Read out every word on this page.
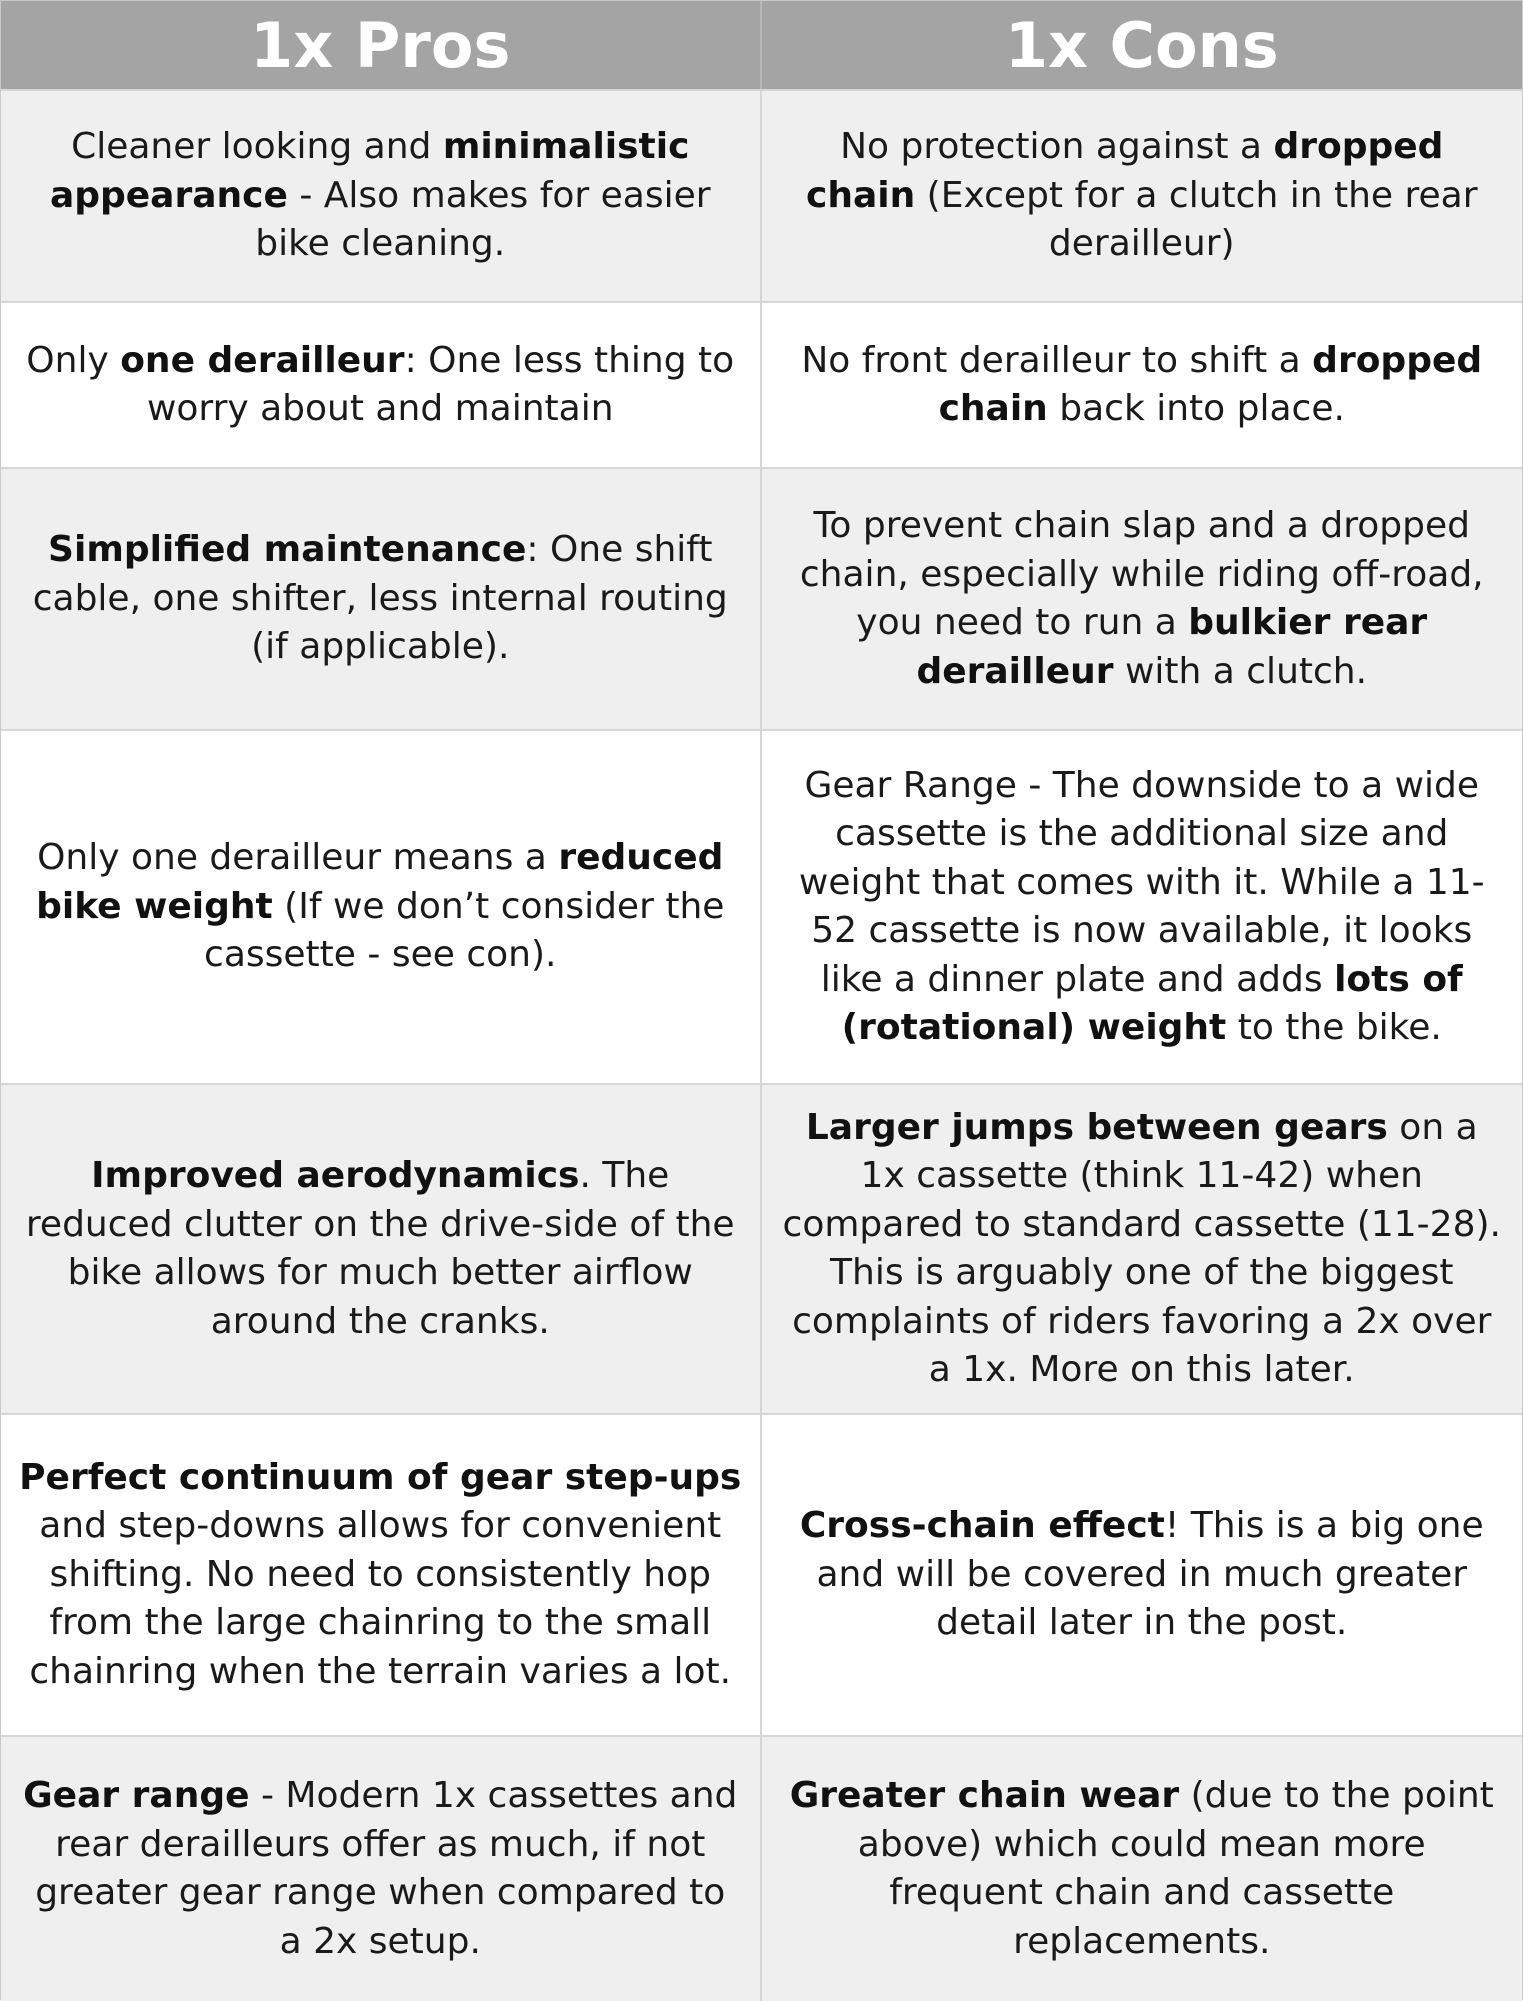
1x Pros	1x Cons

Cleaner looking and minimalistic appearance - Also makes for easier bike cleaning.

No protection against a dropped chain (Except for a clutch in the rear derailleur)

Only one derailleur: One less thing to worry about and maintain

No front derailleur to shift a dropped chain back into place.

Simplified maintenance: One shift cable, one shifter, less internal routing (if applicable).

To prevent chain slap and a dropped chain, especially while riding off-road, you need to run a bulkier rear derailleur with a clutch.

Only one derailleur means a reduced bike weight (If we don’t consider the cassette - see con).

Gear Range - The downside to a wide cassette is the additional size and weight that comes with it. While a 11-52 cassette is now available, it looks like a dinner plate and adds lots of (rotational) weight to the bike.

Improved aerodynamics. The reduced clutter on the drive-side of the bike allows for much better airflow around the cranks.

Larger jumps between gears on a 1x cassette (think 11-42) when compared to standard cassette (11-28). This is arguably one of the biggest complaints of riders favoring a 2x over a 1x. More on this later.

Perfect continuum of gear step-ups and step-downs allows for convenient shifting. No need to consistently hop from the large chainring to the small chainring when the terrain varies a lot.

Cross-chain effect! This is a big one and will be covered in much greater detail later in the post.

Gear range - Modern 1x cassettes and rear derailleurs offer as much, if not greater gear range when compared to a 2x setup.

Greater chain wear (due to the point above) which could mean more frequent chain and cassette replacements.
